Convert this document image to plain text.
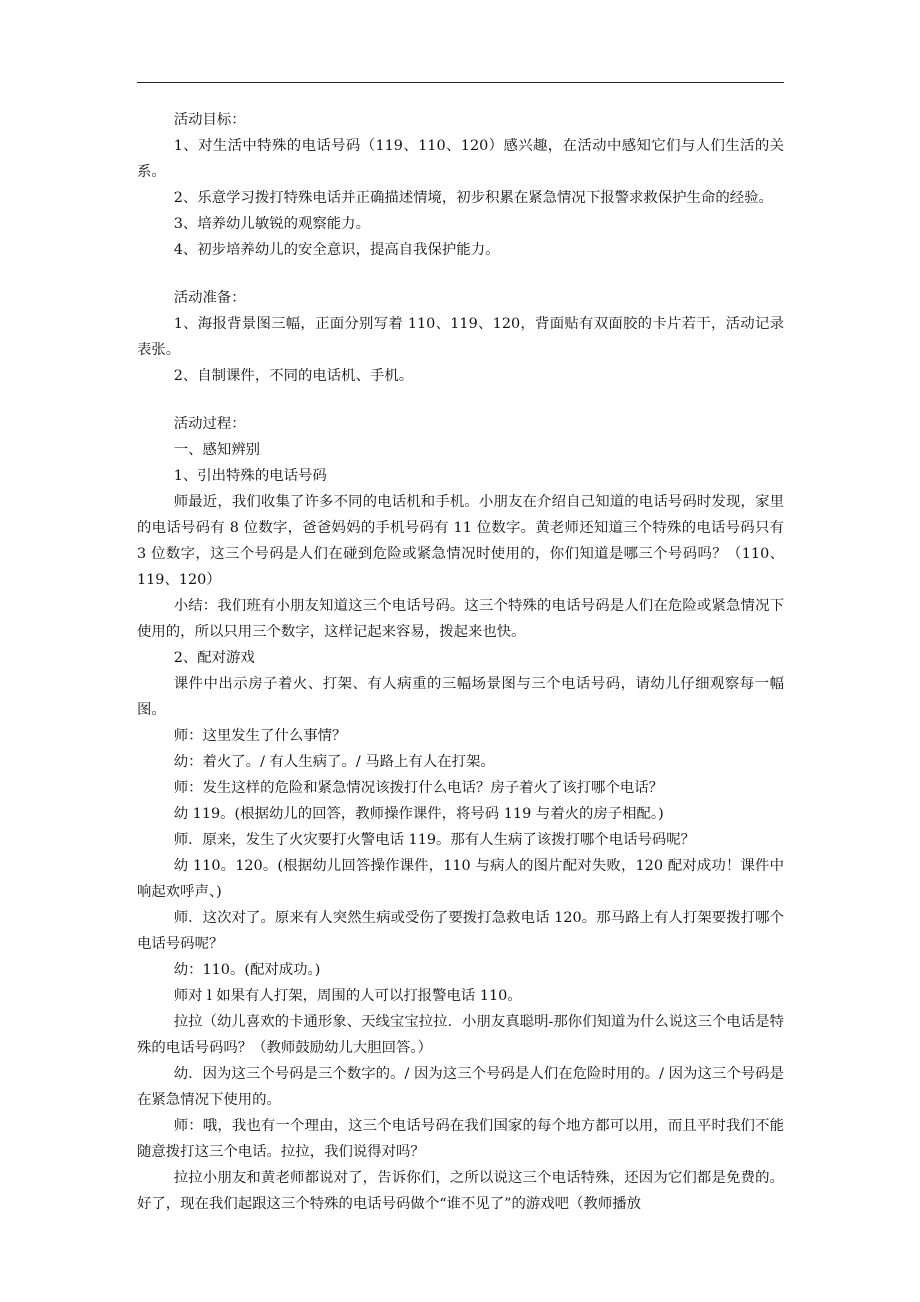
活动目标：

1、对生活中特殊的电话号码（119、110、120）感兴趣，在活动中感知它们与人们生活的关系。

2、乐意学习拨打特殊电话并正确描述情境，初步积累在紧急情况下报警求救保护生命的经验。

3、培养幼儿敏锐的观察能力。

4、初步培养幼儿的安全意识，提高自我保护能力。

活动准备：

1、海报背景图三幅，正面分别写着 110、119、120，背面贴有双面胶的卡片若干，活动记录表张。

2、自制课件，不同的电话机、手机。

活动过程：

一、感知辨别

1、引出特殊的电话号码

师最近，我们收集了许多不同的电话机和手机。小朋友在介绍自己知道的电话号码时发现，家里的电话号码有 8 位数字，爸爸妈妈的手机号码有 11 位数字。黄老师还知道三个特殊的电话号码只有 3 位数字，这三个号码是人们在碰到危险或紧急情况时使用的，你们知道是哪三个号码吗？（110、119、120）

小结：我们班有小朋友知道这三个电话号码。这三个特殊的电话号码是人们在危险或紧急情况下使用的，所以只用三个数字，这样记起来容易，拨起来也快。

2、配对游戏

课件中出示房子着火、打架、有人病重的三幅场景图与三个电话号码，请幼儿仔细观察每一幅图。

师：这里发生了什么事情？

幼：着火了。/ 有人生病了。/ 马路上有人在打架。

师：发生这样的危险和紧急情况该拨打什么电话？房子着火了该打哪个电话？

幼 119。(根据幼儿的回答，教师操作课件，将号码 119 与着火的房子相配。)

师．原来，发生了火灾要打火警电话 119。那有人生病了该拨打哪个电话号码呢？

幼 110。120。(根据幼儿回答操作课件，110 与病人的图片配对失败，120 配对成功！课件中响起欢呼声、)

师．这次对了。原来有人突然生病或受伤了要拨打急救电话 120。那马路上有人打架要拨打哪个电话号码呢？

幼：110。(配对成功。)

师对 l 如果有人打架，周围的人可以打报警电话 110。

拉拉（幼儿喜欢的卡通形象、天线宝宝拉拉．小朋友真聪明-那你们知道为什么说这三个电话是特殊的电话号码吗？（教师鼓励幼儿大胆回答。）

幼．因为这三个号码是三个数字的。/ 因为这三个号码是人们在危险时用的。/ 因为这三个号码是在紧急情况下使用的。

师：哦，我也有一个理由，这三个电话号码在我们国家的每个地方都可以用，而且平时我们不能随意拨打这三个电话。拉拉，我们说得对吗？

拉拉小朋友和黄老师都说对了，告诉你们，之所以说这三个电话特殊，还因为它们都是免费的。好了，现在我们起跟这三个特殊的电话号码做个“谁不见了”的游戏吧（教师播放
